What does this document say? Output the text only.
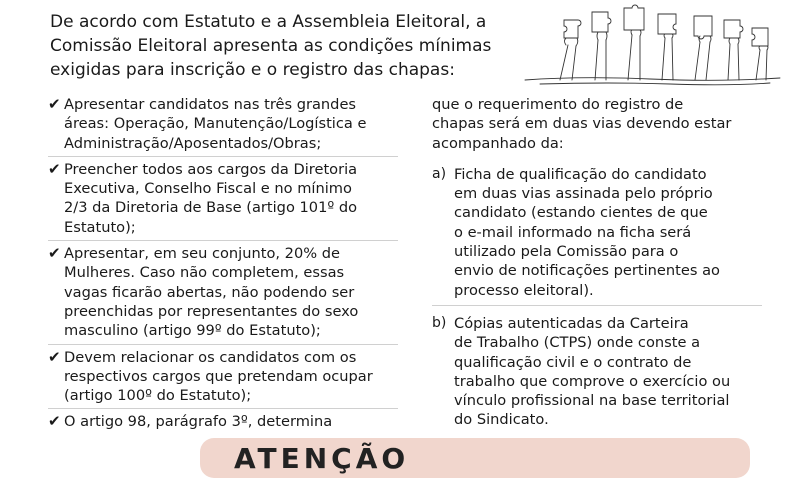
De acordo com Estatuto e a Assembleia Eleitoral, a
Comissão Eleitoral apresenta as condições mínimas
exigidas para inscrição e o registro das chapas:
✔ Apresentar candidatos nas três grandes
áreas: Operação, Manutenção/Logística e
Administração/Aposentados/Obras;
✔ Preencher todos aos cargos da Diretoria
Executiva, Conselho Fiscal e no mínimo
2/3 da Diretoria de Base (artigo 101º do
Estatuto);
✔ Apresentar, em seu conjunto, 20% de
Mulheres. Caso não completem, essas
vagas ficarão abertas, não podendo ser
preenchidas por representantes do sexo
masculino (artigo 99º do Estatuto);
✔ Devem relacionar os candidatos com os
respectivos cargos que pretendam ocupar
(artigo 100º do Estatuto);
✔ O artigo 98, parágrafo 3º, determina
que o requerimento do registro de
chapas será em duas vias devendo estar
acompanhado da:
a) Ficha de qualificação do candidato
em duas vias assinada pelo próprio
candidato (estando cientes de que
o e-mail informado na ficha será
utilizado pela Comissão para o
envio de notificações pertinentes ao
processo eleitoral).
b) Cópias autenticadas da Carteira
de Trabalho (CTPS) onde conste a
qualificação civil e o contrato de
trabalho que comprove o exercício ou
vínculo profissional na base territorial
do Sindicato.
ATENÇÃO
